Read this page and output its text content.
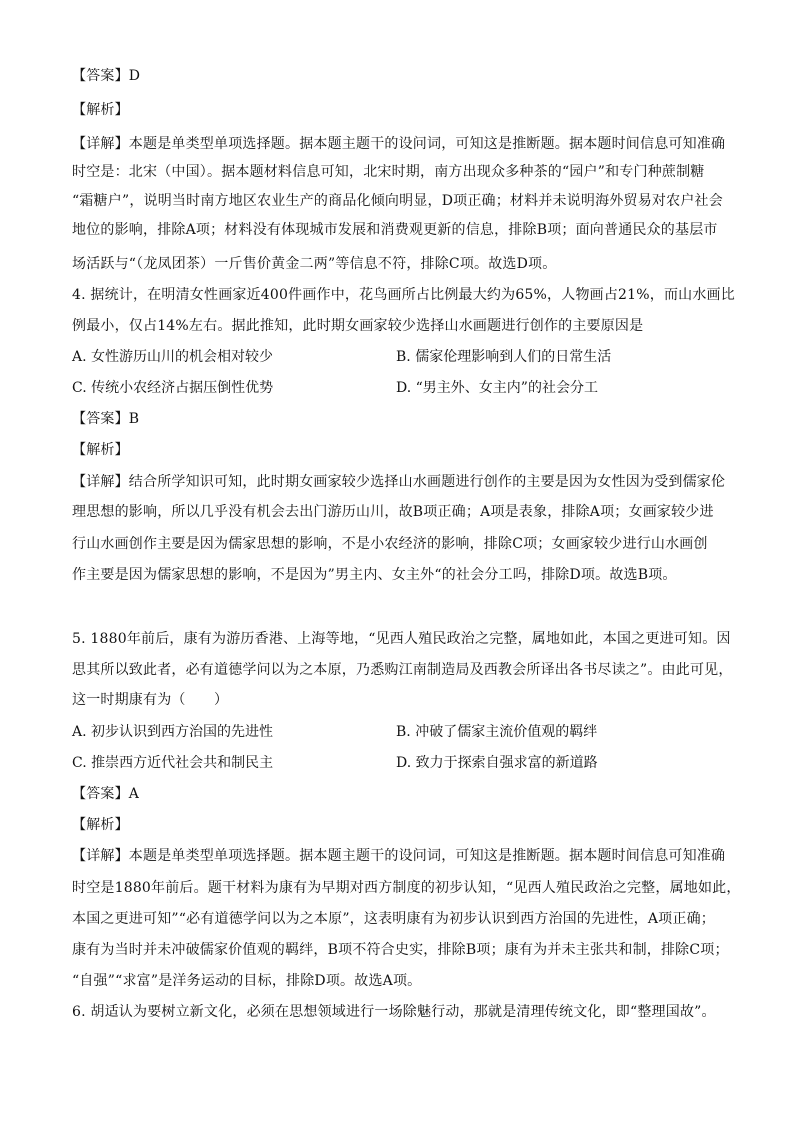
【答案】D
【解析】
【详解】本题是单类型单项选择题。据本题主题干的设问词，可知这是推断题。据本题时间信息可知准确
时空是：北宋（中国）。据本题材料信息可知，北宋时期，南方出现众多种茶的“园户”和专门种蔗制糖
“霜糖户”，说明当时南方地区农业生产的商品化倾向明显，D项正确；材料并未说明海外贸易对农户社会
地位的影响，排除A项；材料没有体现城市发展和消费观更新的信息，排除B项；面向普通民众的基层市
场活跃与“（龙凤团茶）一斤售价黄金二两”等信息不符，排除C项。故选D项。
4. 据统计，在明清女性画家近400件画作中，花鸟画所占比例最大约为65%，人物画占21%，而山水画比
例最小，仅占14%左右。据此推知，此时期女画家较少选择山水画题进行创作的主要原因是
A. 女性游历山川的机会相对较少	B. 儒家伦理影响到人们的日常生活
C. 传统小农经济占据压倒性优势	D. “男主外、女主内”的社会分工
【答案】B
【解析】
【详解】结合所学知识可知，此时期女画家较少选择山水画题进行创作的主要是因为女性因为受到儒家伦
理思想的影响，所以几乎没有机会去出门游历山川，故B项正确；A项是表象，排除A项；女画家较少进
行山水画创作主要是因为儒家思想的影响，不是小农经济的影响，排除C项；女画家较少进行山水画创
作主要是因为儒家思想的影响，不是因为”男主内、女主外“的社会分工吗，排除D项。故选B项。
5. 1880年前后，康有为游历香港、上海等地，“见西人殖民政治之完整，属地如此，本国之更进可知。因
思其所以致此者，必有道德学问以为之本原，乃悉购江南制造局及西教会所译出各书尽读之”。由此可见，
这一时期康有为（　　）
A. 初步认识到西方治国的先进性	B. 冲破了儒家主流价值观的羁绊
C. 推崇西方近代社会共和制民主	D. 致力于探索自强求富的新道路
【答案】A
【解析】
【详解】本题是单类型单项选择题。据本题主题干的设问词，可知这是推断题。据本题时间信息可知准确
时空是1880年前后。题干材料为康有为早期对西方制度的初步认知，“见西人殖民政治之完整，属地如此，
本国之更进可知”“必有道德学问以为之本原”，这表明康有为初步认识到西方治国的先进性，A项正确；
康有为当时并未冲破儒家价值观的羁绊，B项不符合史实，排除B项；康有为并未主张共和制，排除C项；
“自强”“求富”是洋务运动的目标，排除D项。故选A项。
6. 胡适认为要树立新文化，必须在思想领域进行一场除魅行动，那就是清理传统文化，即“整理国故”。
